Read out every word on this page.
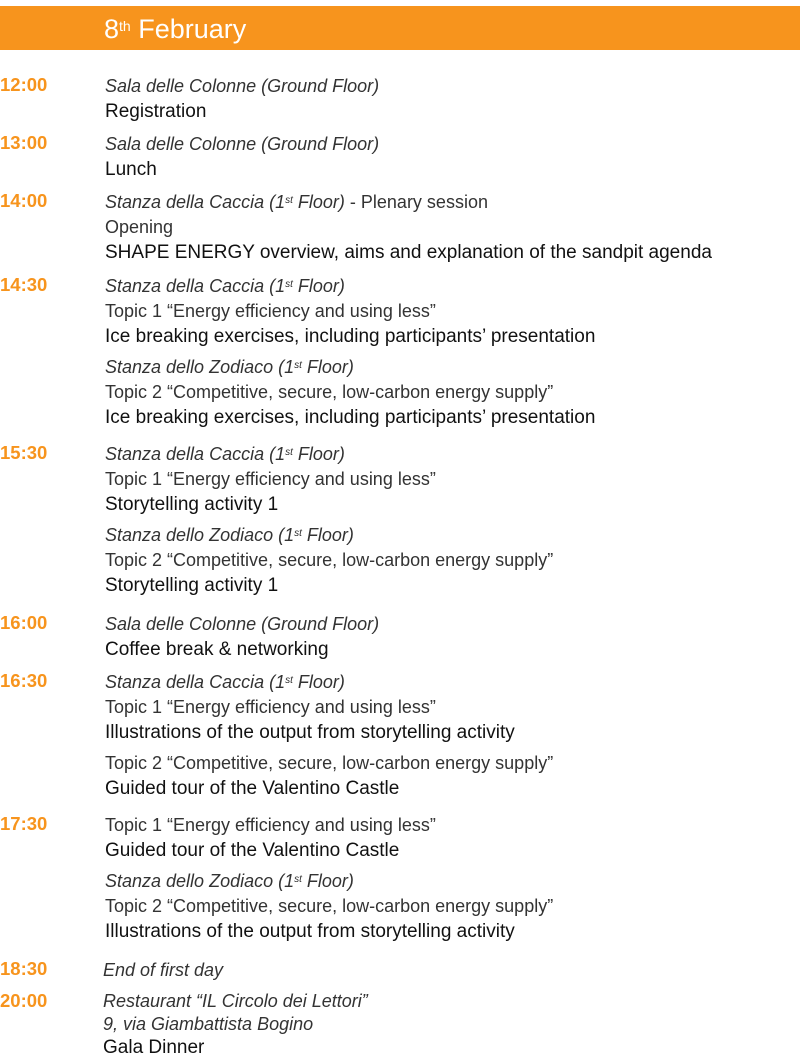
8th February
12:00	Sala delle Colonne (Ground Floor)
Registration
13:00	Sala delle Colonne (Ground Floor)
Lunch
14:00	Stanza della Caccia (1st Floor) - Plenary session
Opening
SHAPE ENERGY overview, aims and explanation of the sandpit agenda
14:30	Stanza della Caccia (1st Floor)
Topic 1 “Energy efficiency and using less”
Ice breaking exercises, including participants’ presentation
Stanza dello Zodiaco (1st Floor)
Topic 2 “Competitive, secure, low-carbon energy supply”
Ice breaking exercises, including participants’ presentation
15:30	Stanza della Caccia (1st Floor)
Topic 1 “Energy efficiency and using less”
Storytelling activity 1
Stanza dello Zodiaco (1st Floor)
Topic 2 “Competitive, secure, low-carbon energy supply”
Storytelling activity 1
16:00	Sala delle Colonne (Ground Floor)
Coffee break & networking
16:30	Stanza della Caccia (1st Floor)
Topic 1 “Energy efficiency and using less”
Illustrations of the output from storytelling activity
Topic 2 “Competitive, secure, low-carbon energy supply”
Guided tour of the Valentino Castle
17:30	Topic 1 “Energy efficiency and using less”
Guided tour of the Valentino Castle
Stanza dello Zodiaco (1st Floor)
Topic 2 “Competitive, secure, low-carbon energy supply”
Illustrations of the output from storytelling activity
18:30	End of first day
20:00	Restaurant “IL Circolo dei Lettori”
9, via Giambattista Bogino
Gala Dinner
